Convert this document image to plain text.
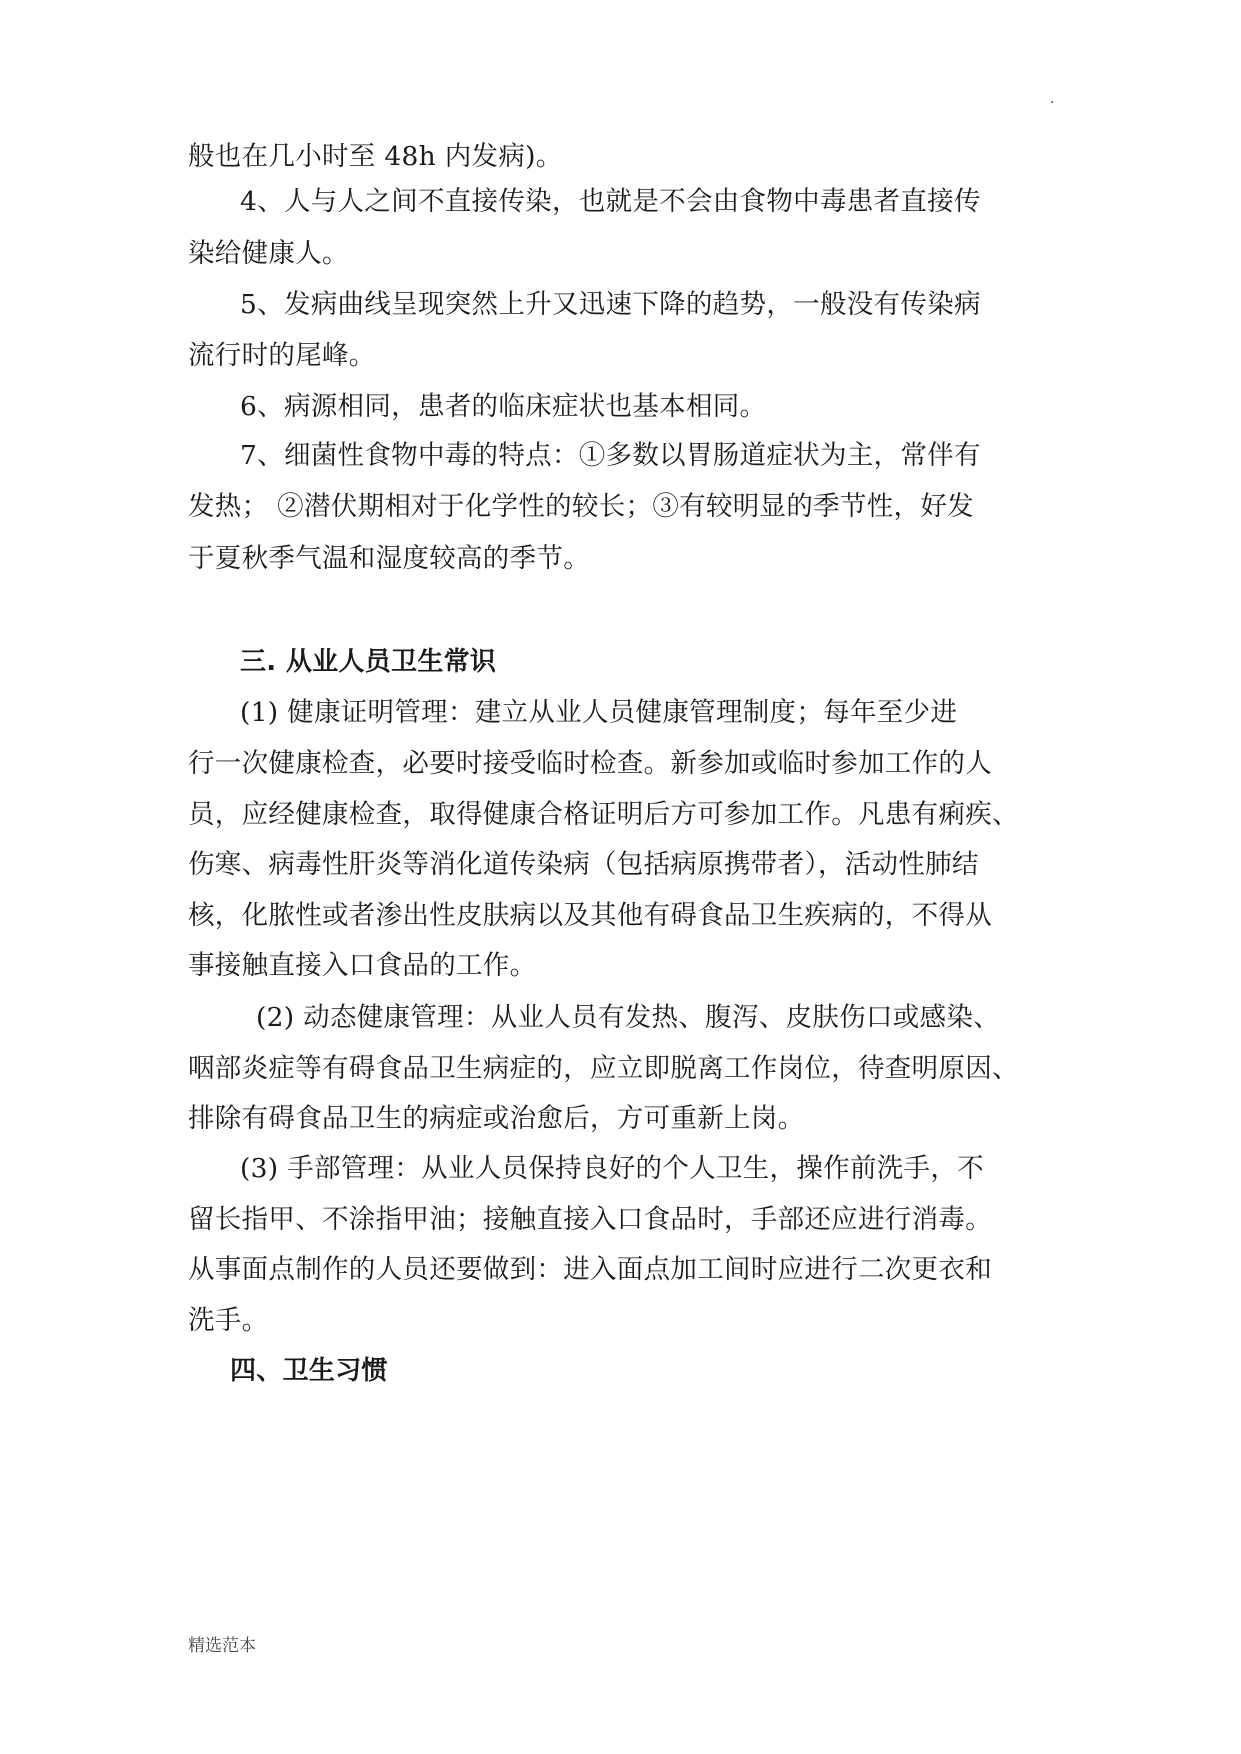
.

般也在几小时至 48h 内发病)。

4、人与人之间不直接传染，也就是不会由食物中毒患者直接传

染给健康人。

5、发病曲线呈现突然上升又迅速下降的趋势，一般没有传染病

流行时的尾峰。

6、病源相同，患者的临床症状也基本相同。

7、细菌性食物中毒的特点：①多数以胃肠道症状为主，常伴有

发热； ②潜伏期相对于化学性的较长；③有较明显的季节性，好发

于夏秋季气温和湿度较高的季节。

三. 从业人员卫生常识

(1) 健康证明管理：建立从业人员健康管理制度；每年至少进

行一次健康检查，必要时接受临时检查。新参加或临时参加工作的人

员，应经健康检查，取得健康合格证明后方可参加工作。凡患有痢疾、

伤寒、病毒性肝炎等消化道传染病（包括病原携带者），活动性肺结

核，化脓性或者渗出性皮肤病以及其他有碍食品卫生疾病的，不得从

事接触直接入口食品的工作。

(2) 动态健康管理：从业人员有发热、腹泻、皮肤伤口或感染、

咽部炎症等有碍食品卫生病症的，应立即脱离工作岗位，待查明原因、

排除有碍食品卫生的病症或治愈后，方可重新上岗。

(3) 手部管理：从业人员保持良好的个人卫生，操作前洗手，不

留长指甲、不涂指甲油；接触直接入口食品时，手部还应进行消毒。

从事面点制作的人员还要做到：进入面点加工间时应进行二次更衣和

洗手。

四、卫生习惯

精选范本
